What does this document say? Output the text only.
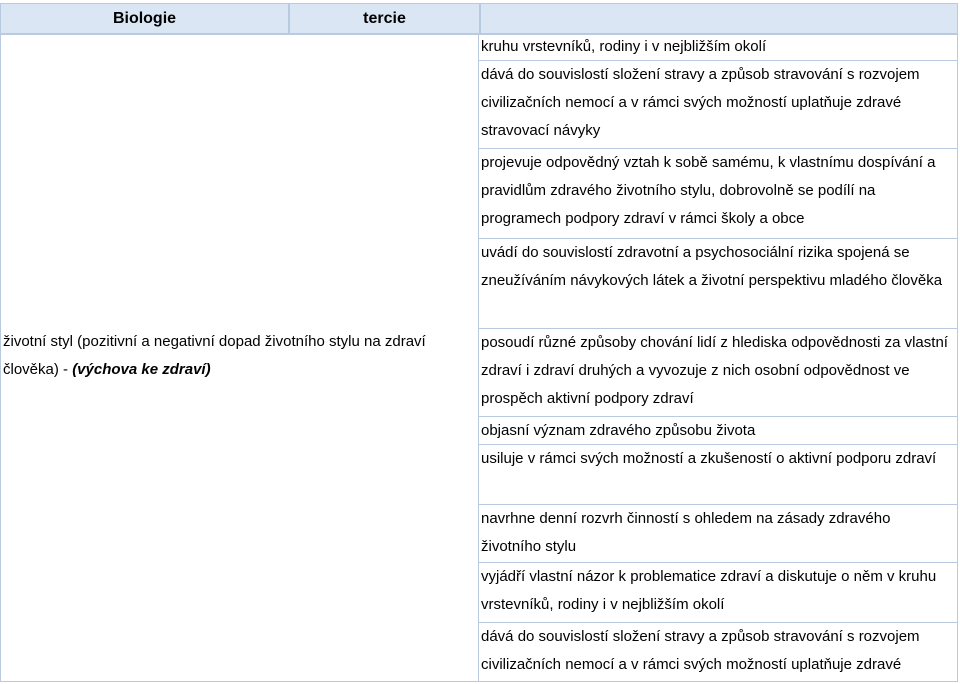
Biologie	tercie
životní styl (pozitivní a negativní dopad životního stylu na zdraví člověka) - (výchova ke zdraví)
kruhu vrstevníků, rodiny i v nejbližším okolí
dává do souvislostí složení stravy a způsob stravování s rozvojem civilizačních nemocí a v rámci svých možností uplatňuje zdravé stravovací návyky
projevuje odpovědný vztah k sobě samému, k vlastnímu dospívání a pravidlům zdravého životního stylu, dobrovolně se podílí na programech podpory zdraví v rámci školy a obce
uvádí do souvislostí zdravotní a psychosociální rizika spojená se zneužíváním návykových látek a životní perspektivu mladého člověka
posoudí různé způsoby chování lidí z hlediska odpovědnosti za vlastní zdraví i zdraví druhých a vyvozuje z nich osobní odpovědnost ve prospěch aktivní podpory zdraví
objasní význam zdravého způsobu života
usiluje v rámci svých možností a zkušeností o aktivní podporu zdraví
navrhne denní rozvrh činností s ohledem na zásady zdravého životního stylu
vyjádří vlastní názor k problematice zdraví a diskutuje o něm v kruhu vrstevníků, rodiny i v nejbližším okolí
dává do souvislostí složení stravy a způsob stravování s rozvojem civilizačních nemocí a v rámci svých možností uplatňuje zdravé
